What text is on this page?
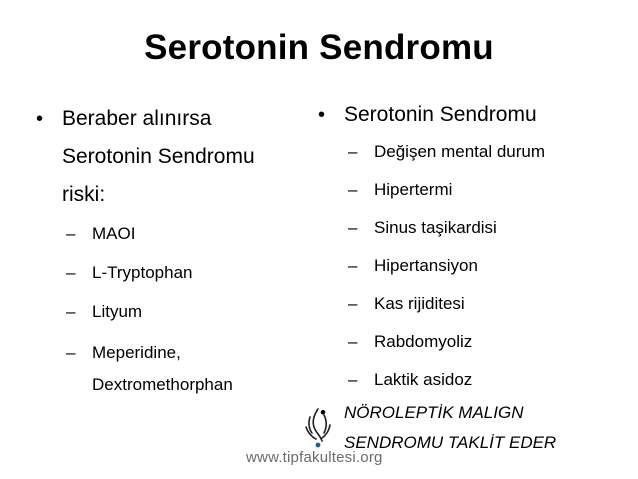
Serotonin Sendromu
• Beraber alınırsa
Serotonin Sendromu
riski:
– MAOI
– L-Tryptophan
– Lityum
– Meperidine,
Dextromethorphan
• Serotonin Sendromu
– Değişen mental durum
– Hipertermi
– Sinus taşikardisi
– Hipertansiyon
– Kas rijiditesi
– Rabdomyoliz
– Laktik asidoz
• NÖROLEPTİK MALIGN
SENDROMU TAKLİT EDER
www.tipfakultesi.org
